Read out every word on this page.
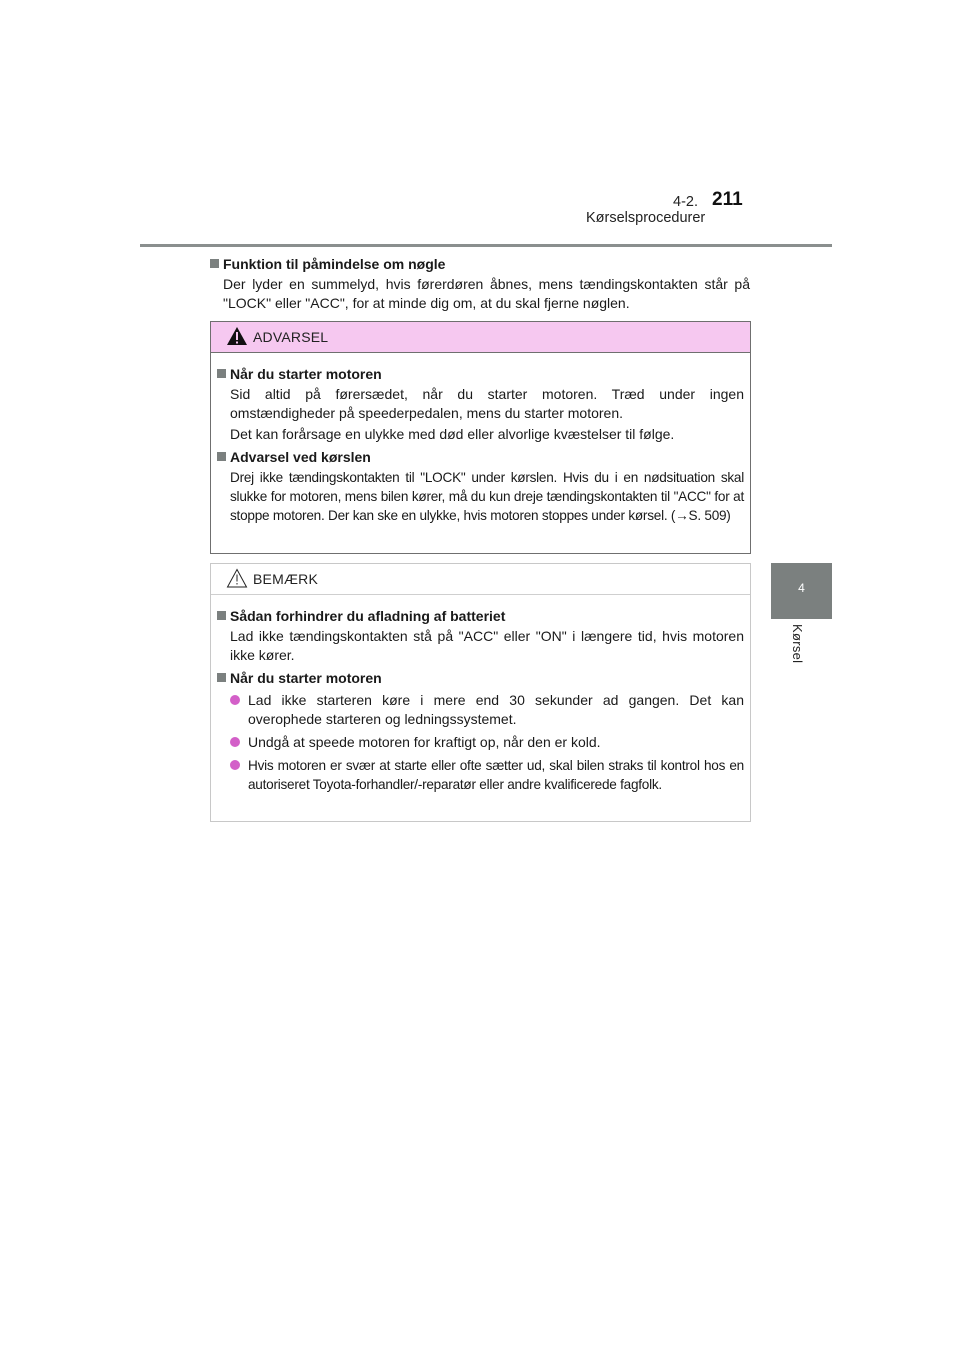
4-2. Kørselsprocedurer
211
4
Kørsel

Funktion til påmindelse om nøgle

Der lyder en summelyd, hvis førerdøren åbnes, mens tændingskontakten står på "LOCK" eller "ACC", for at minde dig om, at du skal fjerne nøglen.

ADVARSEL

Når du starter motoren

Sid altid på førersædet, når du starter motoren. Træd under ingen omstændigheder på speederpedalen, mens du starter motoren.

Det kan forårsage en ulykke med død eller alvorlige kvæstelser til følge.

Advarsel ved kørslen

Drej ikke tændingskontakten til "LOCK" under kørslen. Hvis du i en nødsituation skal slukke for motoren, mens bilen kører, må du kun dreje tændingskontakten til "ACC" for at stoppe motoren. Der kan ske en ulykke, hvis motoren stoppes under kørsel. (→S. 509)

BEMÆRK

Sådan forhindrer du afladning af batteriet

Lad ikke tændingskontakten stå på "ACC" eller "ON" i længere tid, hvis motoren ikke kører.

Når du starter motoren

Lad ikke starteren køre i mere end 30 sekunder ad gangen. Det kan overophede starteren og ledningssystemet.
Undgå at speede motoren for kraftigt op, når den er kold.
Hvis motoren er svær at starte eller ofte sætter ud, skal bilen straks til kontrol hos en autoriseret Toyota-forhandler/-reparatør eller andre kvalificerede fagfolk.
